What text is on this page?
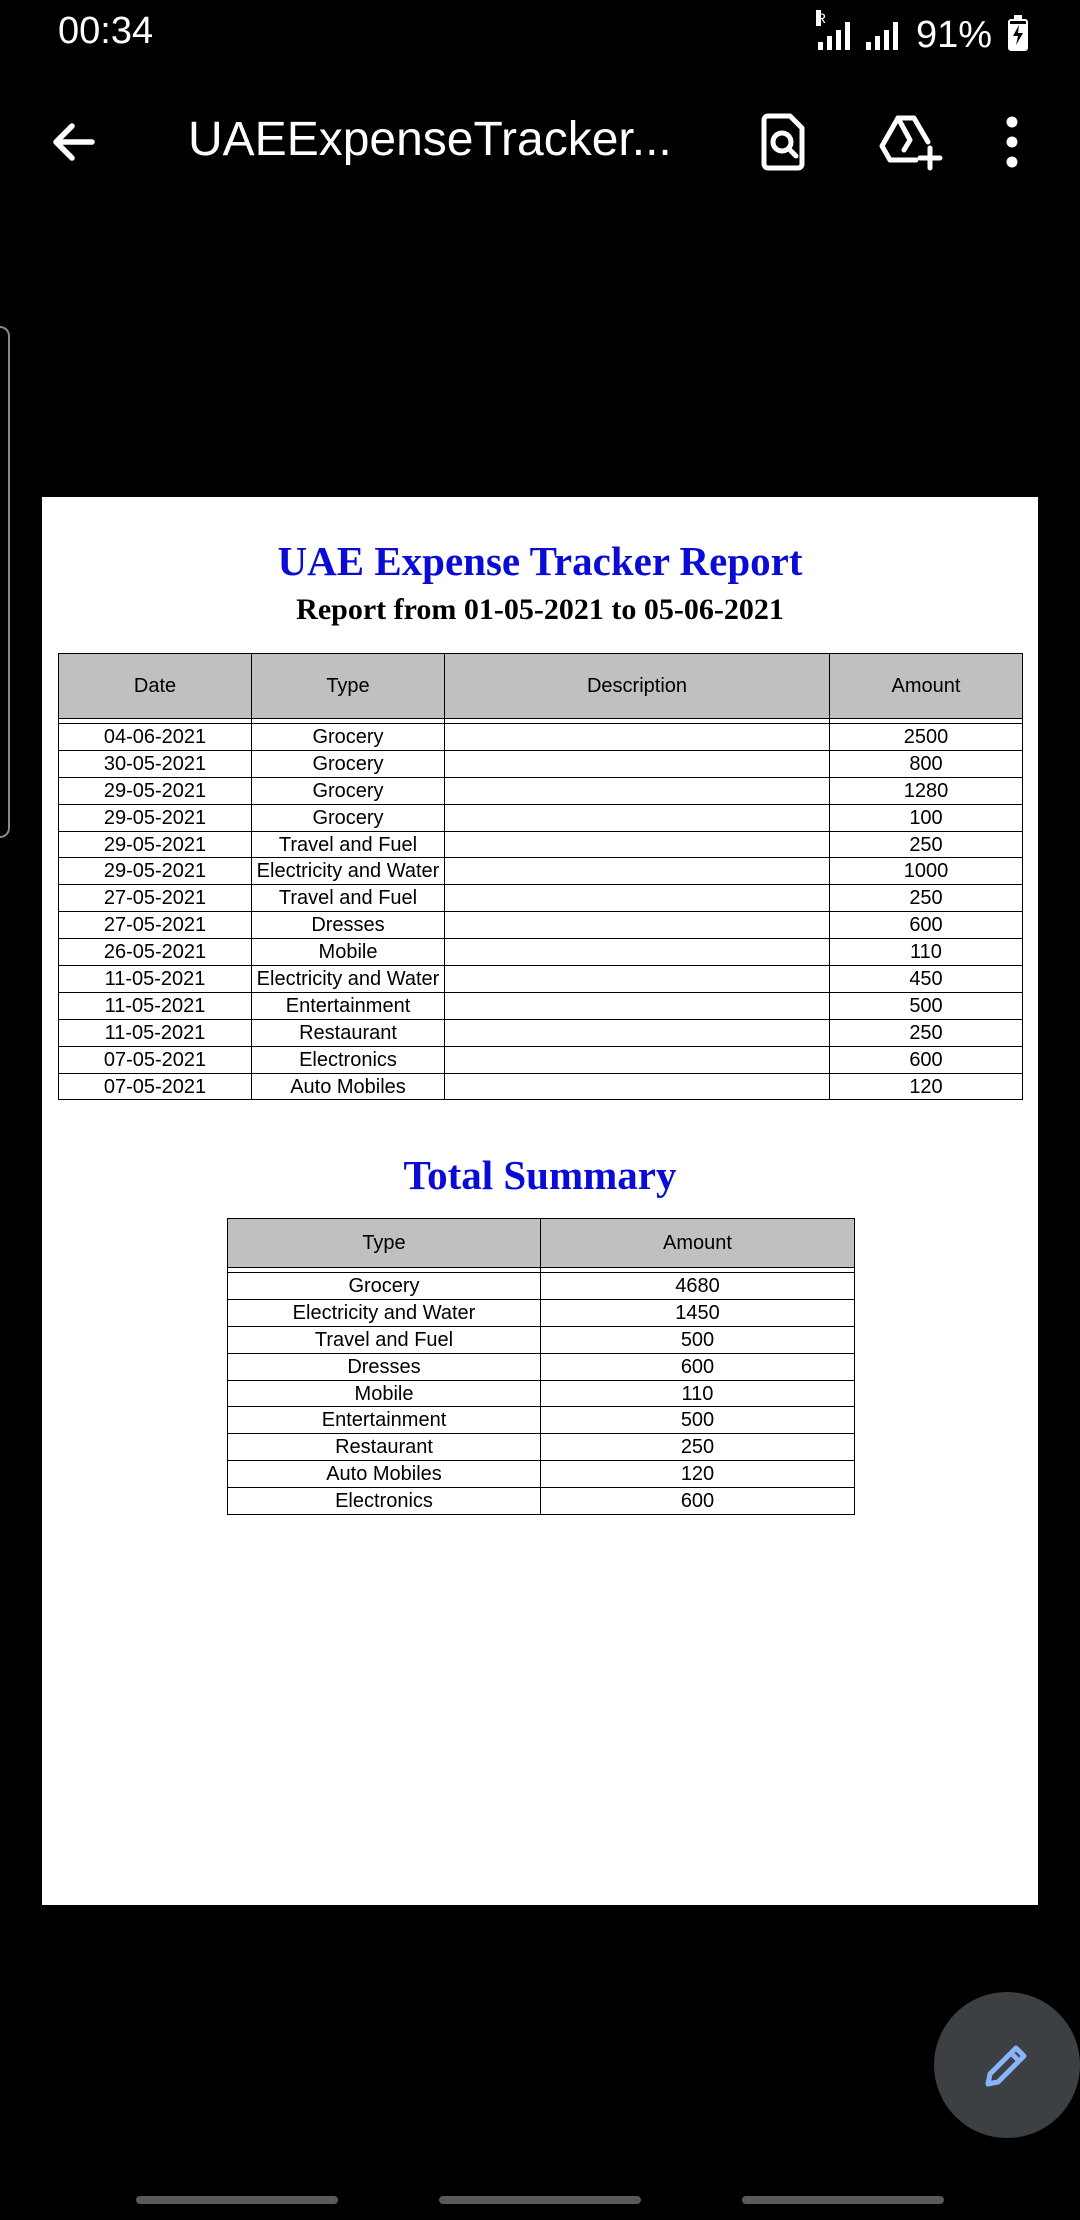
00:34	R 91%
UAEExpenseTracker...
UAE Expense Tracker Report
Report from 01-05-2021 to 05-06-2021
Date	Type	Description	Amount

04-06-2021	Grocery		2500
30-05-2021	Grocery		800
29-05-2021	Grocery		1280
29-05-2021	Grocery		100
29-05-2021	Travel and Fuel		250
29-05-2021	Electricity and Water		1000
27-05-2021	Travel and Fuel		250
27-05-2021	Dresses		600
26-05-2021	Mobile		110
11-05-2021	Electricity and Water		450
11-05-2021	Entertainment		500
11-05-2021	Restaurant		250
07-05-2021	Electronics		600
07-05-2021	Auto Mobiles		120
Total Summary
Type	Amount

Grocery	4680
Electricity and Water	1450
Travel and Fuel	500
Dresses	600
Mobile	110
Entertainment	500
Restaurant	250
Auto Mobiles	120
Electronics	600
